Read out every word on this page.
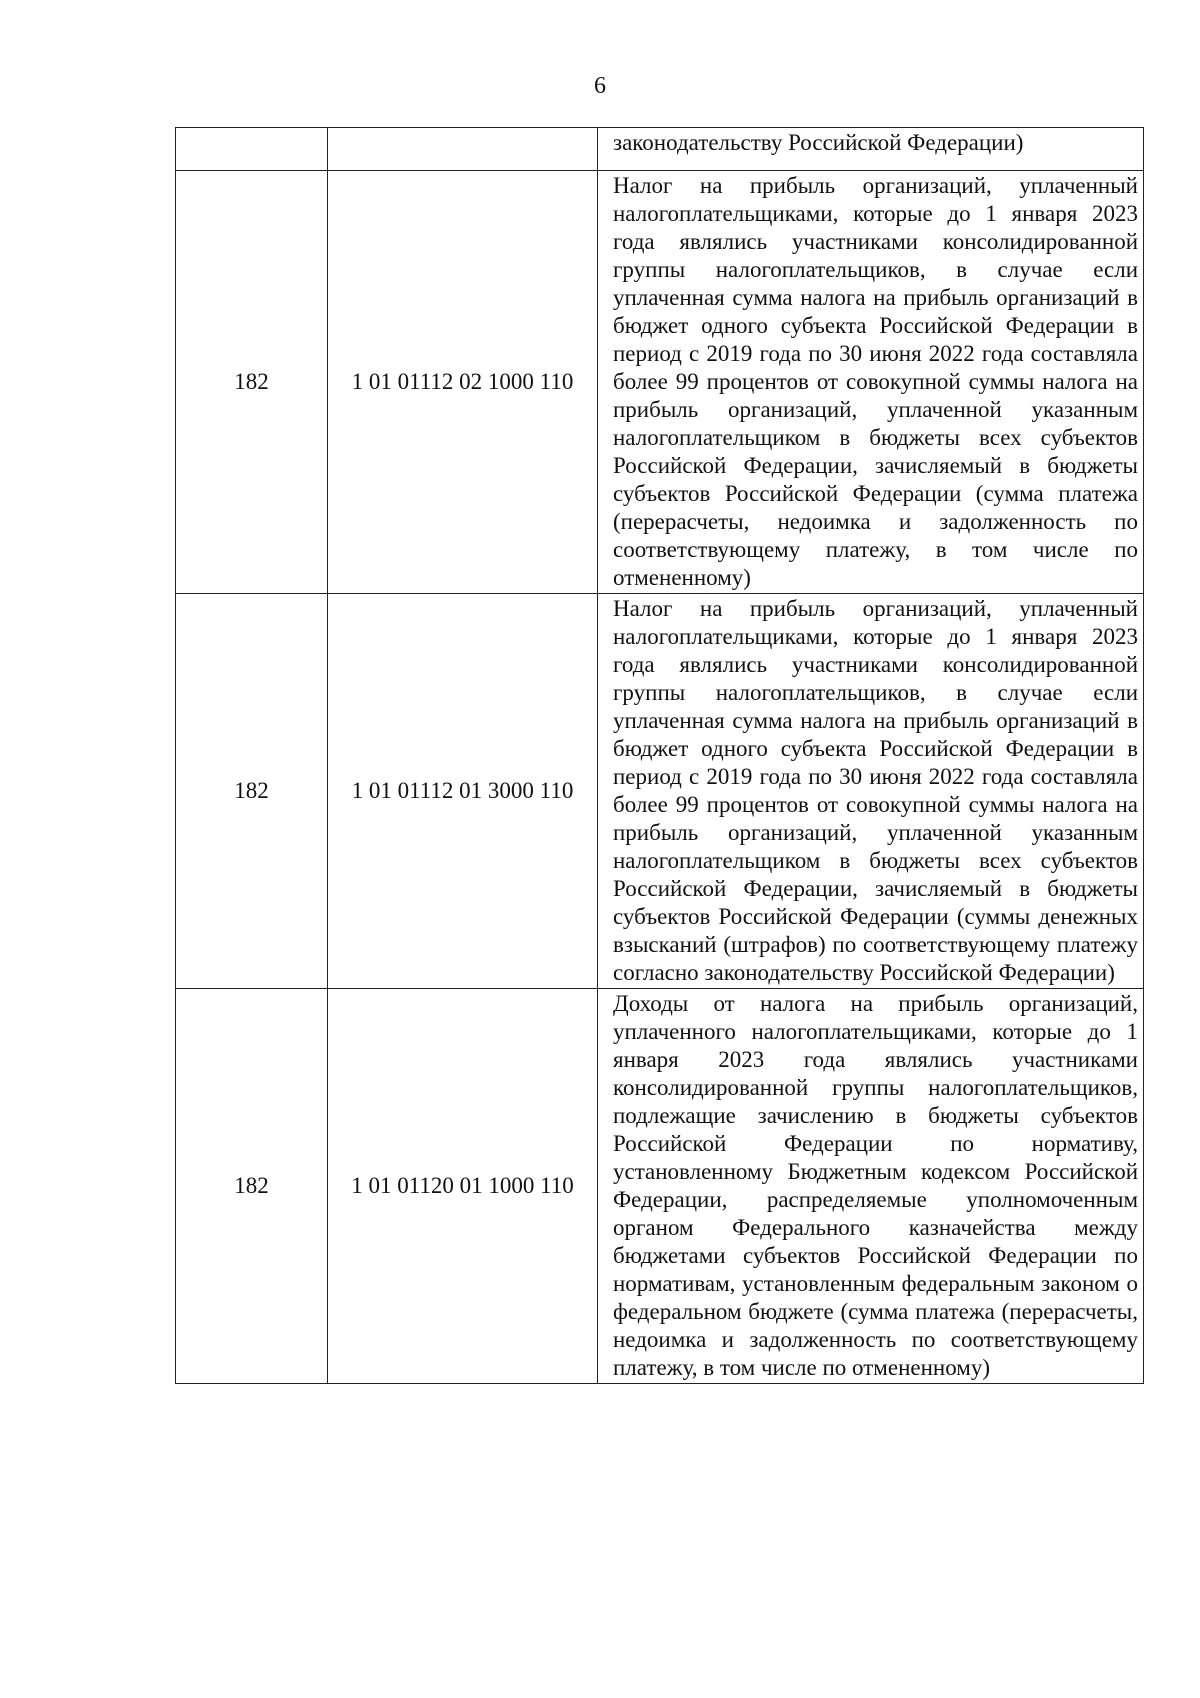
6
		законодательству Российской Федерации)
182	1 01 01112 02 1000 110	Налог на прибыль организаций, уплаченный налогоплательщиками, которые до 1 января 2023 года являлись участниками консолидированной группы налогоплательщиков, в случае если уплаченная сумма налога на прибыль организаций в бюджет одного субъекта Российской Федерации в период с 2019 года по 30 июня 2022 года составляла более 99 процентов от совокупной суммы налога на прибыль организаций, уплаченной указанным налогоплательщиком в бюджеты всех субъектов Российской Федерации, зачисляемый в бюджеты субъектов Российской Федерации (сумма платежа (перерасчеты, недоимка и задолженность по соответствующему платежу, в том числе по отмененному)
182	1 01 01112 01 3000 110	Налог на прибыль организаций, уплаченный налогоплательщиками, которые до 1 января 2023 года являлись участниками консолидированной группы налогоплательщиков, в случае если уплаченная сумма налога на прибыль организаций в бюджет одного субъекта Российской Федерации в период с 2019 года по 30 июня 2022 года составляла более 99 процентов от совокупной суммы налога на прибыль организаций, уплаченной указанным налогоплательщиком в бюджеты всех субъектов Российской Федерации, зачисляемый в бюджеты субъектов Российской Федерации (суммы денежных взысканий (штрафов) по соответствующему платежу согласно законодательству Российской Федерации)
182	1 01 01120 01 1000 110	Доходы от налога на прибыль организаций, уплаченного налогоплательщиками, которые до 1 января 2023 года являлись участниками консолидированной группы налогоплательщиков, подлежащие зачислению в бюджеты субъектов Российской Федерации по нормативу, установленному Бюджетным кодексом Российской Федерации, распределяемые уполномоченным органом Федерального казначейства между бюджетами субъектов Российской Федерации по нормативам, установленным федеральным законом о федеральном бюджете (сумма платежа (перерасчеты, недоимка и задолженность по соответствующему платежу, в том числе по отмененному)
